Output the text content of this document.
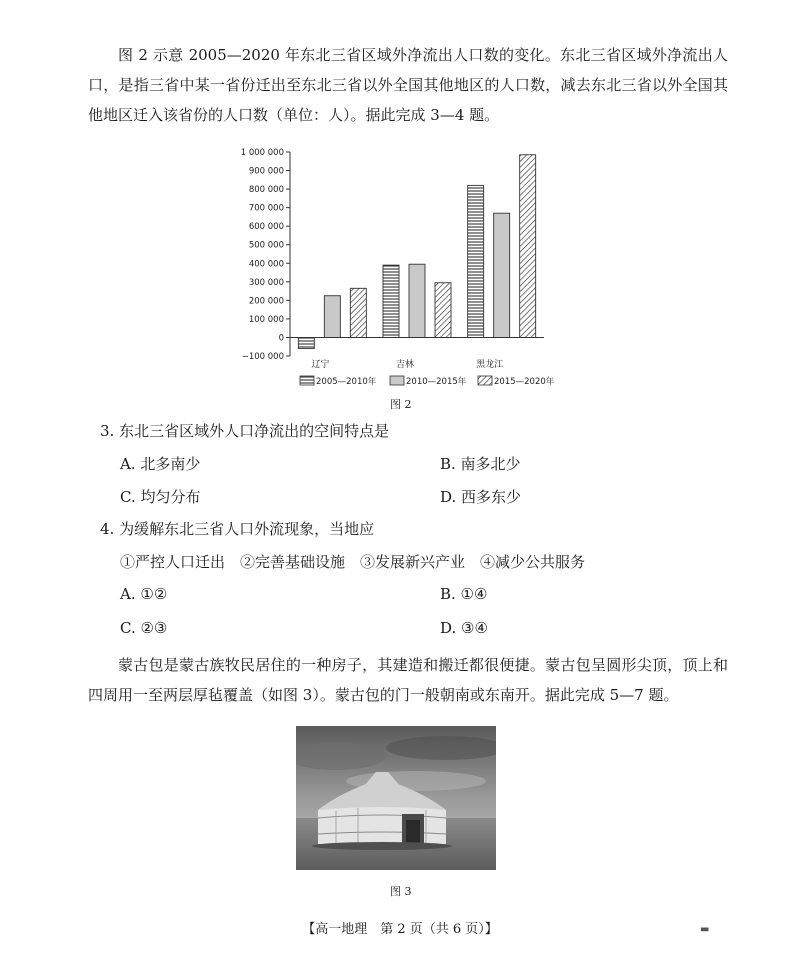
图 2 示意 2005—2020 年东北三省区域外净流出人口数的变化。东北三省区域外净流出人口，是指三省中某一省份迁出至东北三省以外全国其他地区的人口数，减去东北三省以外全国其他地区迁入该省份的人口数（单位：人）。据此完成 3—4 题。

−100 000
0
100 000
200 000
300 000
400 000
500 000
600 000
700 000
800 000
900 000
1 000 000
辽宁	吉林	黑龙江
2005—2010年	2010—2015年	2015—2020年
图 2

3. 东北三省区域外人口净流出的空间特点是

A. 北多南少	B. 南多北少

C. 均匀分布	D. 西多东少

4. 为缓解东北三省人口外流现象，当地应

①严控人口迁出　②完善基础设施　③发展新兴产业　④减少公共服务

A. ①②	B. ①④

C. ②③	D. ③④

蒙古包是蒙古族牧民居住的一种房子，其建造和搬迁都很便捷。蒙古包呈圆形尖顶，顶上和四周用一至两层厚毡覆盖（如图 3）。蒙古包的门一般朝南或东南开。据此完成 5—7 题。

图 3
【高一地理　第 2 页（共 6 页）】	▬
